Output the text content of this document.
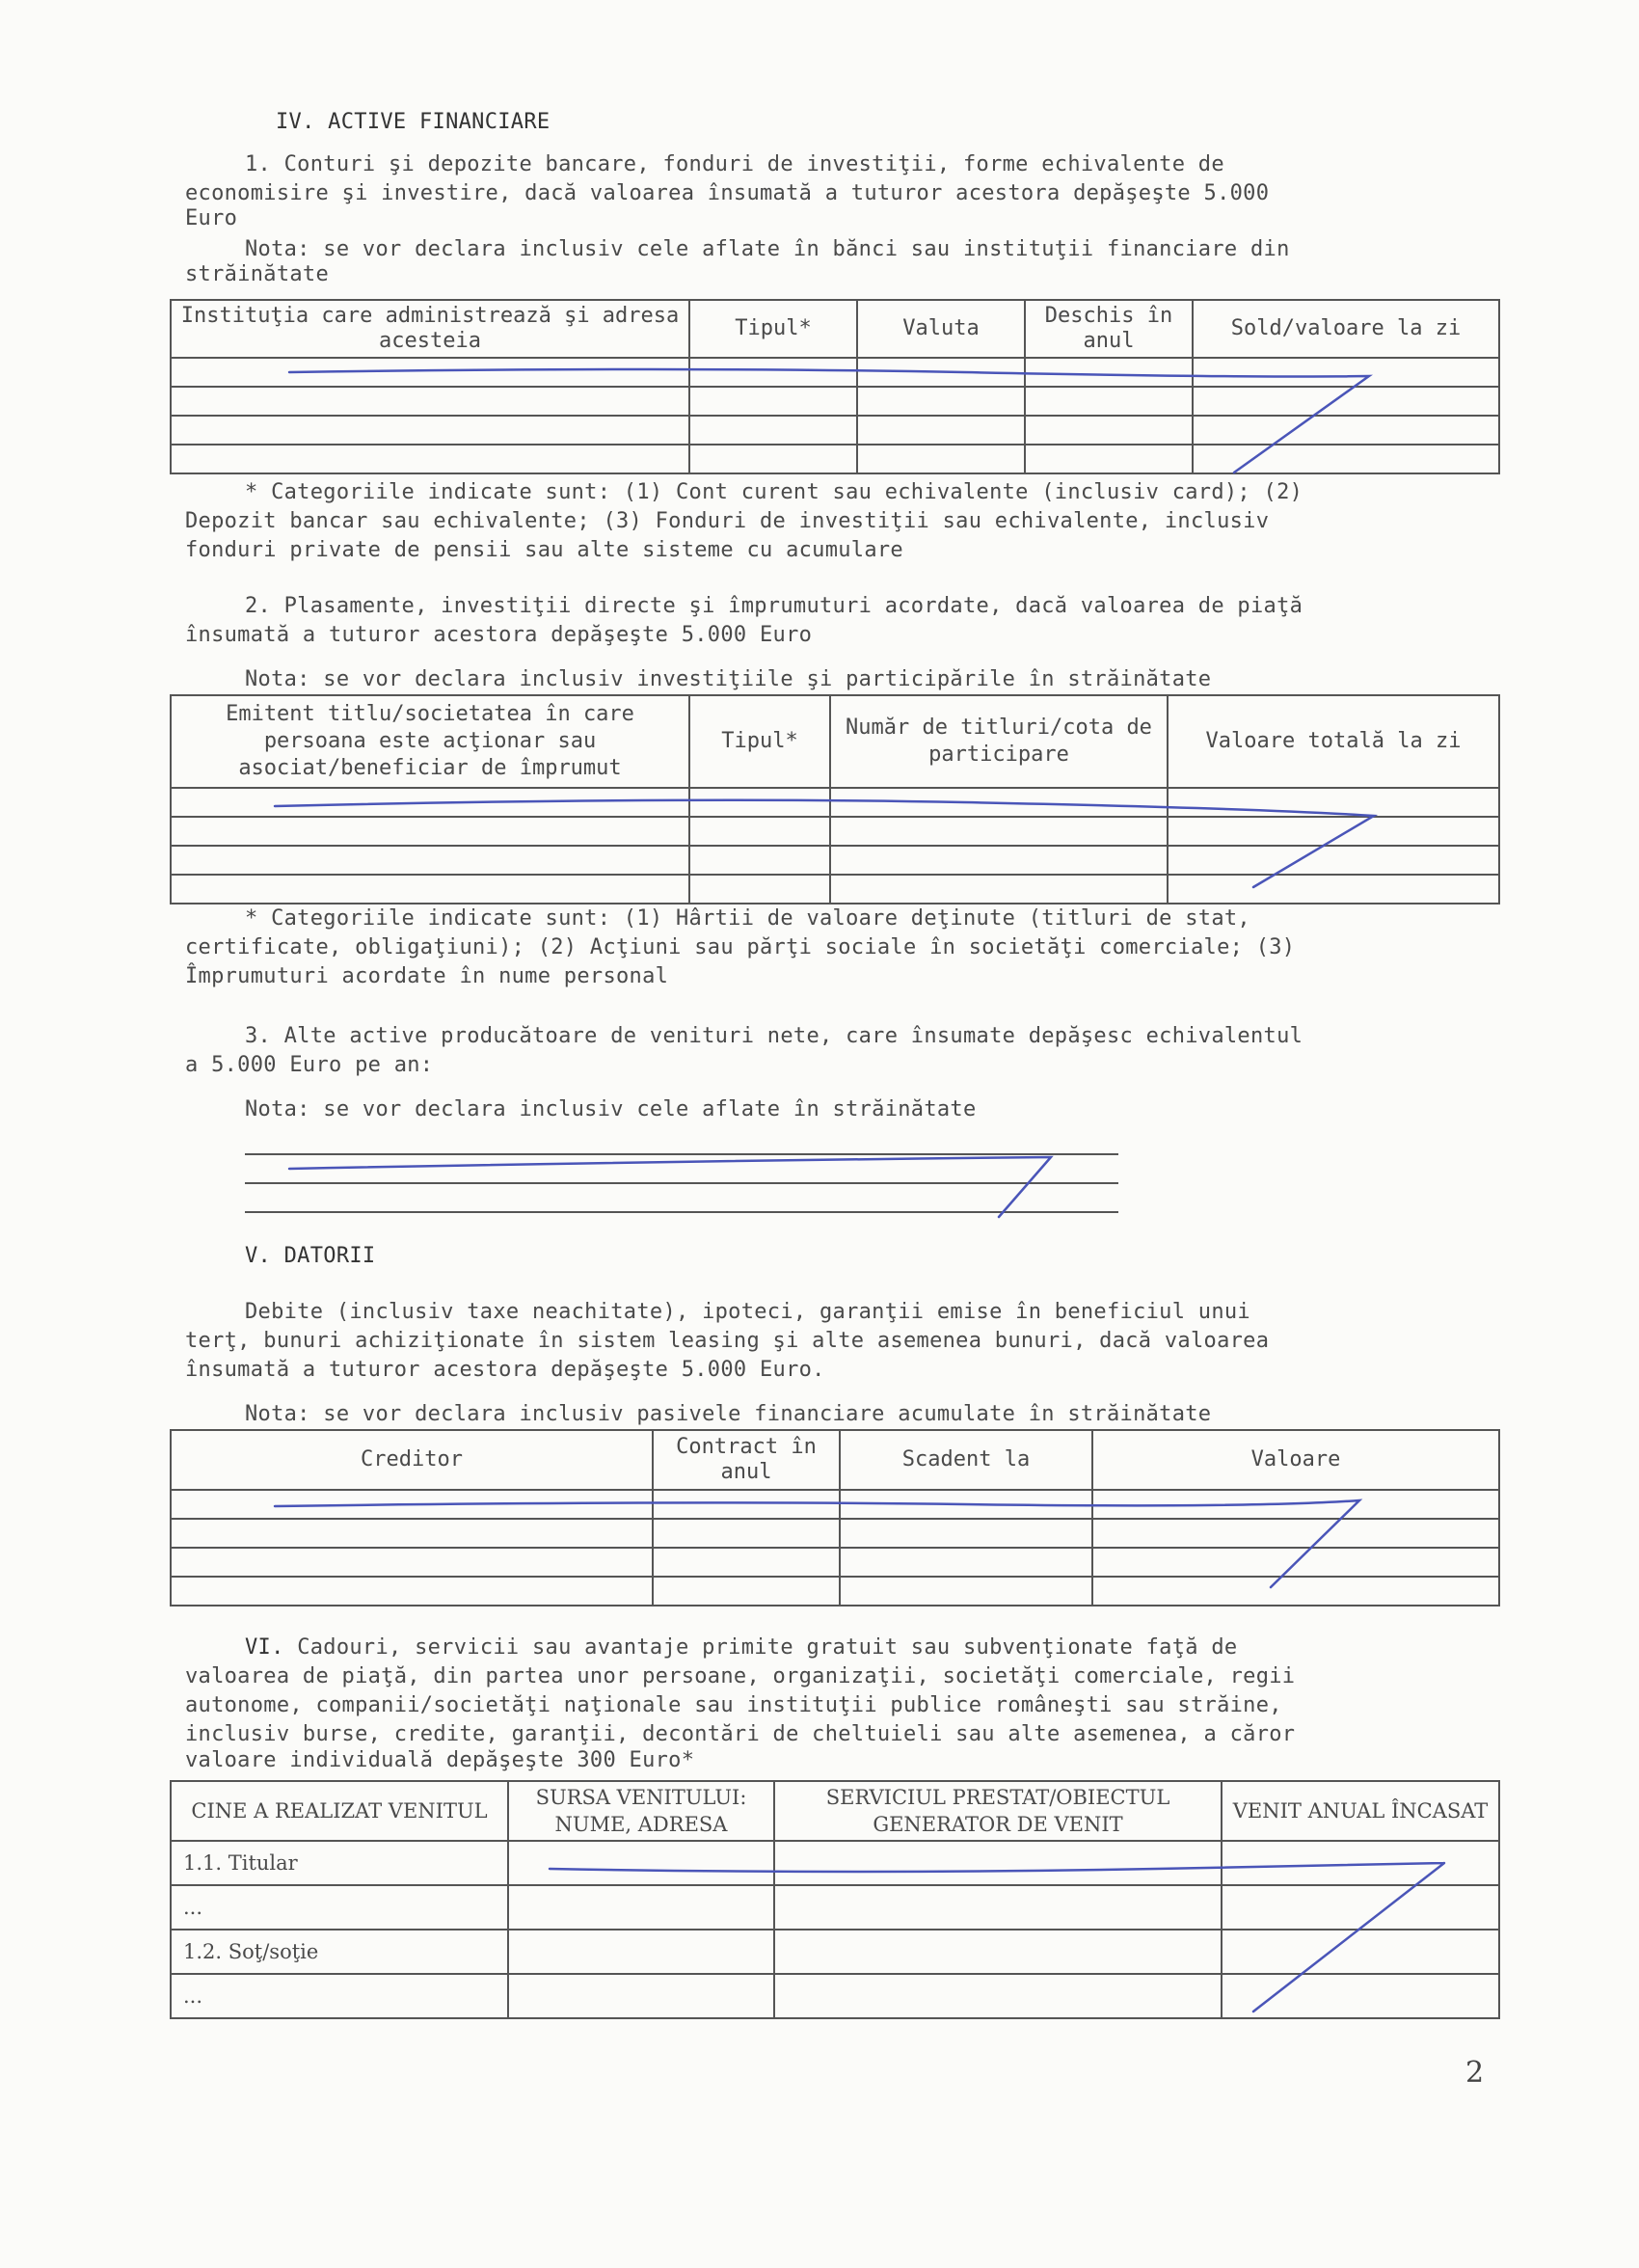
IV. ACTIVE FINANCIARE
1. Conturi şi depozite bancare, fonduri de investiţii, forme echivalente de
economisire şi investire, dacă valoarea însumată a tuturor acestora depăşeşte 5.000
Euro
Nota: se vor declara inclusiv cele aflate în bănci sau instituţii financiare din
străinătate
Instituţia care administrează şi adresa acesteia	Tipul*	Valuta	Deschis în anul	Sold/valoare la zi

* Categoriile indicate sunt: (1) Cont curent sau echivalente (inclusiv card); (2)
Depozit bancar sau echivalente; (3) Fonduri de investiţii sau echivalente, inclusiv
fonduri private de pensii sau alte sisteme cu acumulare
2. Plasamente, investiţii directe şi împrumuturi acordate, dacă valoarea de piaţă
însumată a tuturor acestora depăşeşte 5.000 Euro
Nota: se vor declara inclusiv investiţiile şi participările în străinătate
Emitent titlu/societatea în care persoana este acţionar sau asociat/beneficiar de împrumut	Tipul*	Număr de titluri/cota de participare	Valoare totală la zi

* Categoriile indicate sunt: (1) Hârtii de valoare deţinute (titluri de stat,
certificate, obligaţiuni); (2) Acţiuni sau părţi sociale în societăţi comerciale; (3)
Împrumuturi acordate în nume personal
3. Alte active producătoare de venituri nete, care însumate depăşesc echivalentul
a 5.000 Euro pe an:
Nota: se vor declara inclusiv cele aflate în străinătate
V. DATORII
Debite (inclusiv taxe neachitate), ipoteci, garanţii emise în beneficiul unui
terţ, bunuri achiziţionate în sistem leasing şi alte asemenea bunuri, dacă valoarea
însumată a tuturor acestora depăşeşte 5.000 Euro.
Nota: se vor declara inclusiv pasivele financiare acumulate în străinătate
Creditor	Contract în anul	Scadent la	Valoare

VI. Cadouri, servicii sau avantaje primite gratuit sau subvenţionate faţă de
valoarea de piaţă, din partea unor persoane, organizaţii, societăţi comerciale, regii
autonome, companii/societăţi naţionale sau instituţii publice româneşti sau străine,
inclusiv burse, credite, garanţii, decontări de cheltuieli sau alte asemenea, a căror
valoare individuală depăşeşte 300 Euro*
CINE A REALIZAT VENITUL	SURSA VENITULUI: NUME, ADRESA	SERVICIUL PRESTAT/OBIECTUL GENERATOR DE VENIT	VENIT ANUAL ÎNCASAT
1.1. Titular			
...			
1.2. Soţ/soţie			
...			
2
